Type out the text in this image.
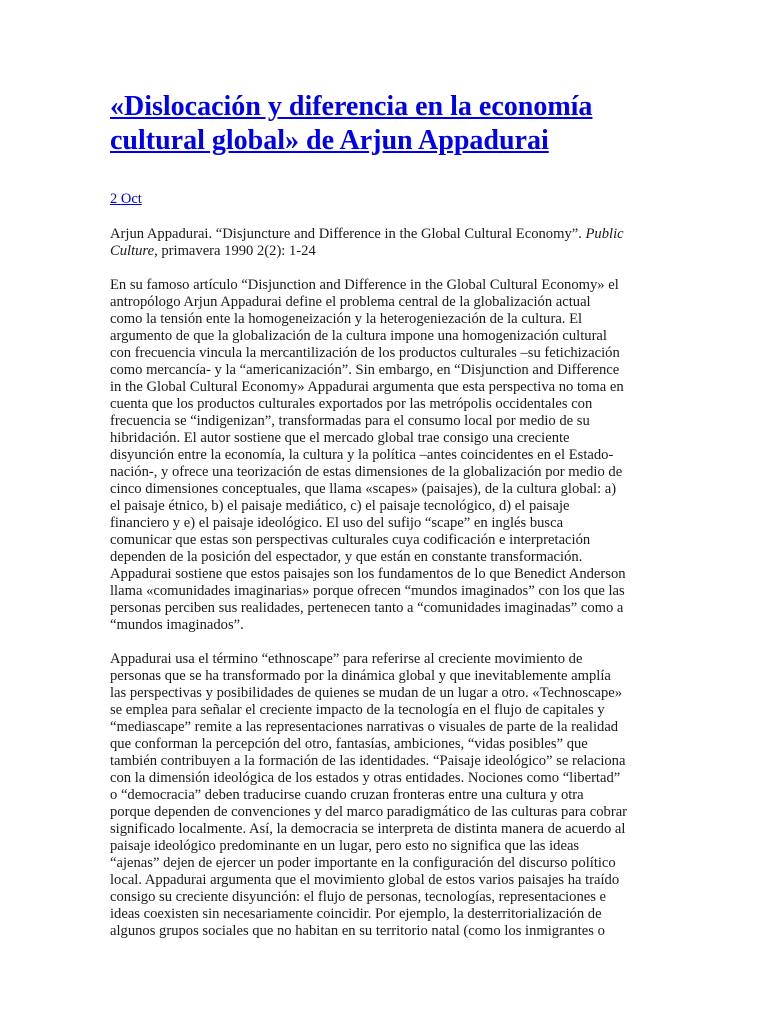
«Dislocación y diferencia en la economía
cultural global» de Arjun Appadurai

2 Oct

Arjun Appadurai. “Disjuncture and Difference in the Global Cultural Economy”. Public
Culture, primavera 1990 2(2): 1-24

En su famoso artículo “Disjunction and Difference in the Global Cultural Economy» el
antropólogo Arjun Appadurai define el problema central de la globalización actual
como la tensión ente la homogeneización y la heterogeniezación de la cultura. El
argumento de que la globalización de la cultura impone una homogenización cultural
con frecuencia vincula la mercantilización de los productos culturales –su fetichización
como mercancía- y la “americanización”. Sin embargo, en “Disjunction and Difference
in the Global Cultural Economy» Appadurai argumenta que esta perspectiva no toma en
cuenta que los productos culturales exportados por las metrópolis occidentales con
frecuencia se “indigenizan”, transformadas para el consumo local por medio de su
hibridación. El autor sostiene que el mercado global trae consigo una creciente
disyunción entre la economía, la cultura y la política –antes coincidentes en el Estado-
nación-, y ofrece una teorización de estas dimensiones de la globalización por medio de
cinco dimensiones conceptuales, que llama «scapes» (paisajes), de la cultura global: a)
el paisaje étnico, b) el paisaje mediático, c) el paisaje tecnológico, d) el paisaje
financiero y e) el paisaje ideológico. El uso del sufijo “scape” en inglés busca
comunicar que estas son perspectivas culturales cuya codificación e interpretación
dependen de la posición del espectador, y que están en constante transformación.
Appadurai sostiene que estos paisajes son los fundamentos de lo que Benedict Anderson
llama «comunidades imaginarias» porque ofrecen “mundos imaginados” con los que las
personas perciben sus realidades, pertenecen tanto a “comunidades imaginadas” como a
“mundos imaginados”.

Appadurai usa el término “ethnoscape” para referirse al creciente movimiento de
personas que se ha transformado por la dinámica global y que inevitablemente amplía
las perspectivas y posibilidades de quienes se mudan de un lugar a otro. «Technoscape»
se emplea para señalar el creciente impacto de la tecnología en el flujo de capitales y
“mediascape” remite a las representaciones narrativas o visuales de parte de la realidad
que conforman la percepción del otro, fantasías, ambiciones, “vidas posibles” que
también contribuyen a la formación de las identidades. “Paisaje ideológico” se relaciona
con la dimensión ideológica de los estados y otras entidades. Nociones como “libertad”
o “democracia” deben traducirse cuando cruzan fronteras entre una cultura y otra
porque dependen de convenciones y del marco paradigmático de las culturas para cobrar
significado localmente. Así, la democracia se interpreta de distinta manera de acuerdo al
paisaje ideológico predominante en un lugar, pero esto no significa que las ideas
“ajenas” dejen de ejercer un poder importante en la configuración del discurso político
local. Appadurai argumenta que el movimiento global de estos varios paisajes ha traído
consigo su creciente disyunción: el flujo de personas, tecnologías, representaciones e
ideas coexisten sin necesariamente coincidir. Por ejemplo, la desterritorialización de
algunos grupos sociales que no habitan en su territorio natal (como los inmigrantes o
